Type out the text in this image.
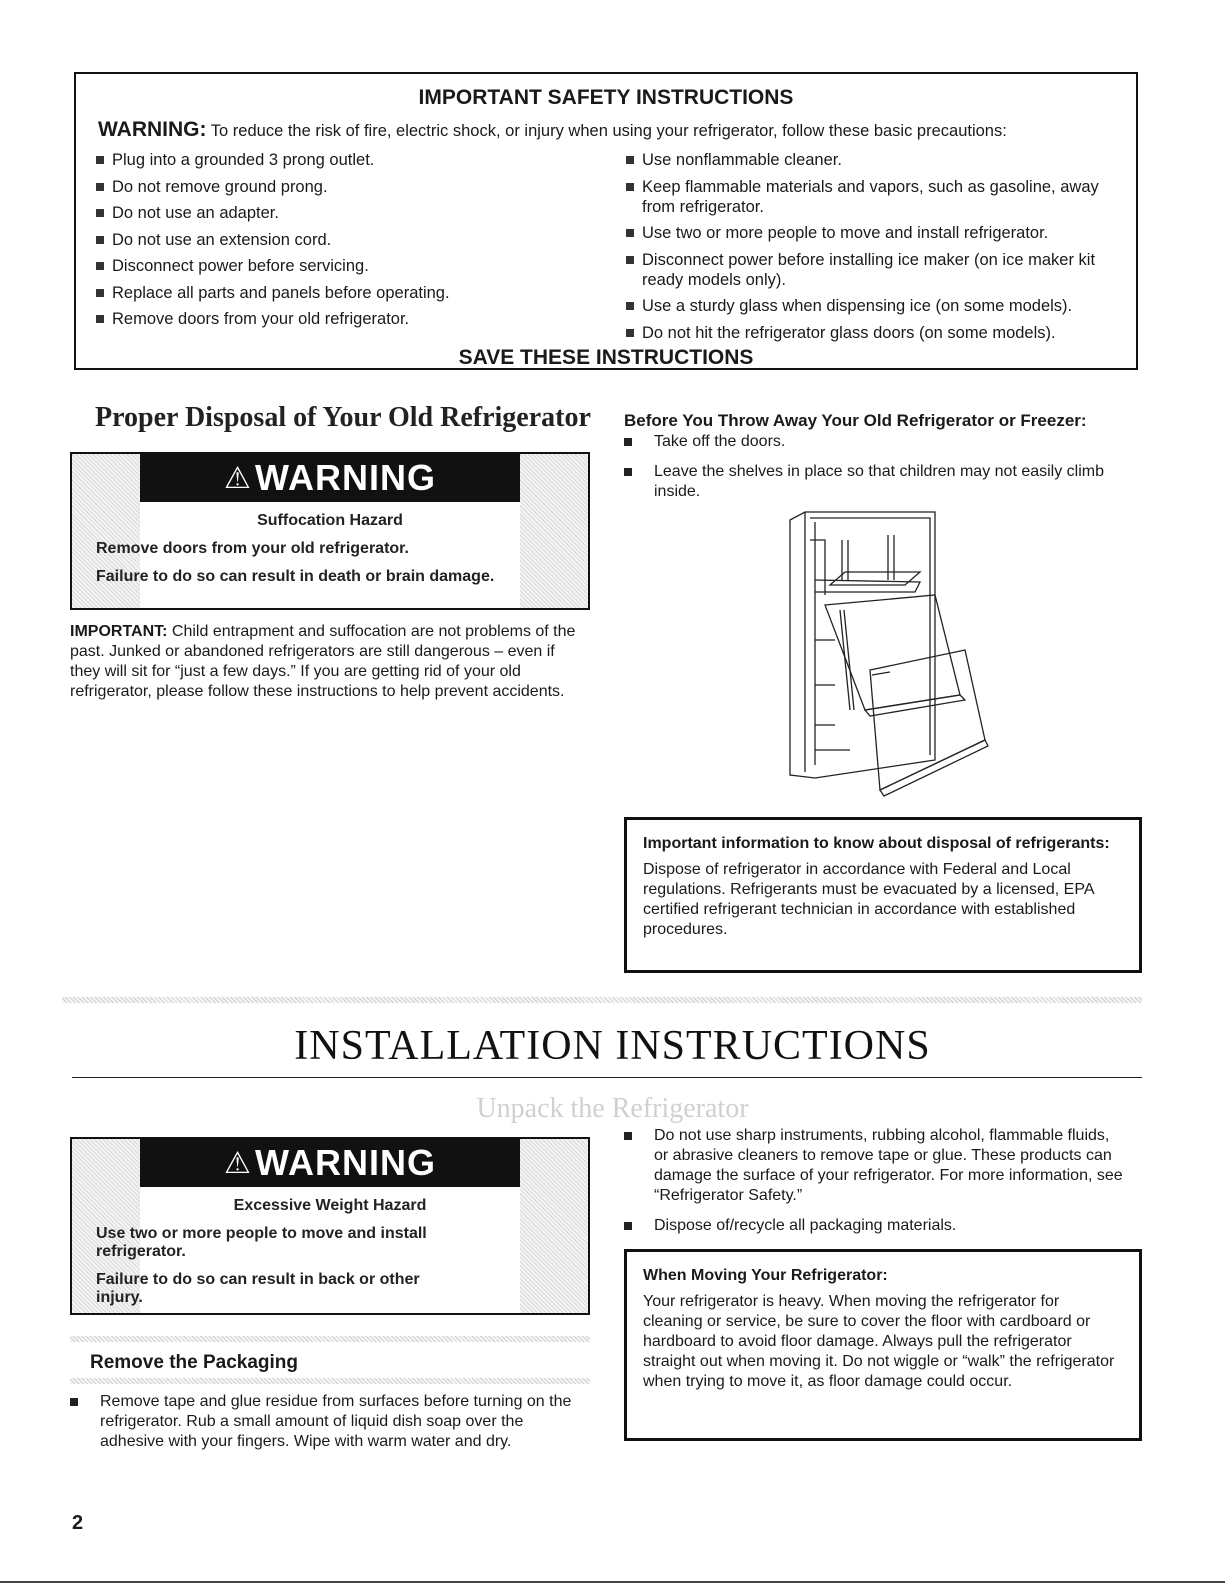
IMPORTANT SAFETY INSTRUCTIONS
WARNING: To reduce the risk of fire, electric shock, or injury when using your refrigerator, follow these basic precautions:
Plug into a grounded 3 prong outlet.
Do not remove ground prong.
Do not use an adapter.
Do not use an extension cord.
Disconnect power before servicing.
Replace all parts and panels before operating.
Remove doors from your old refrigerator.
Use nonflammable cleaner.
Keep flammable materials and vapors, such as gasoline, away from refrigerator.
Use two or more people to move and install refrigerator.
Disconnect power before installing ice maker (on ice maker kit ready models only).
Use a sturdy glass when dispensing ice (on some models).
Do not hit the refrigerator glass doors (on some models).
SAVE THESE INSTRUCTIONS
Proper Disposal of Your Old Refrigerator
⚠ WARNING
Suffocation Hazard

Remove doors from your old refrigerator.

Failure to do so can result in death or brain damage.

IMPORTANT: Child entrapment and suffocation are not problems of the past. Junked or abandoned refrigerators are still dangerous – even if they will sit for “just a few days.” If you are getting rid of your old refrigerator, please follow these instructions to help prevent accidents.
Before You Throw Away Your Old Refrigerator or Freezer:
Take off the doors.
Leave the shelves in place so that children may not easily climb inside.
Important information to know about disposal of refrigerants:
Dispose of refrigerator in accordance with Federal and Local regulations. Refrigerants must be evacuated by a licensed, EPA certified refrigerant technician in accordance with established procedures.
INSTALLATION INSTRUCTIONS
Unpack the Refrigerator
⚠ WARNING
Excessive Weight Hazard

Use two or more people to move and install refrigerator.

Failure to do so can result in back or other injury.

Remove the Packaging
Remove tape and glue residue from surfaces before turning on the refrigerator. Rub a small amount of liquid dish soap over the adhesive with your fingers. Wipe with warm water and dry.
Do not use sharp instruments, rubbing alcohol, flammable fluids, or abrasive cleaners to remove tape or glue. These products can damage the surface of your refrigerator. For more information, see “Refrigerator Safety.”
Dispose of/recycle all packaging materials.
When Moving Your Refrigerator:
Your refrigerator is heavy. When moving the refrigerator for cleaning or service, be sure to cover the floor with cardboard or hardboard to avoid floor damage. Always pull the refrigerator straight out when moving it. Do not wiggle or “walk” the refrigerator when trying to move it, as floor damage could occur.
2
